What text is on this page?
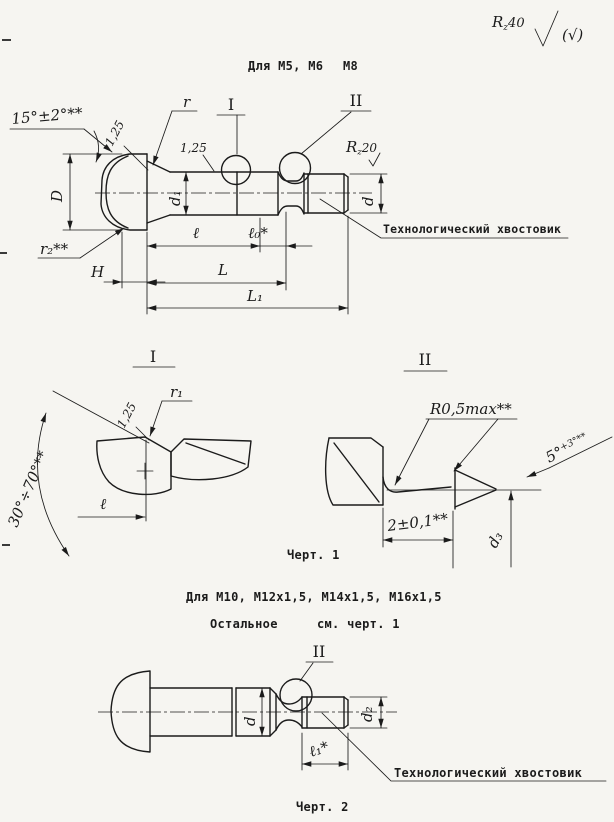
$R_z40$
(√)
Для М5, М6 М8
15°±2°**
D
r
1,25	1,25
I	II
Rz20
d₁	d
r₂**
H
ℓ	ℓ₀*
L
L₁
Технологический хвостовик
I
r₁
1,25
30°÷70°**	ℓ
II
R0,5max**
5°$^{+3^\circ**}$
2±0,1**
d₃
Черт. 1
Для М10, М12х1,5, М14х1,5, М16х1,5
Остальное	см. черт. 1
II
d	d₂
ℓ₁*
Технологический хвостовик
Черт. 2
